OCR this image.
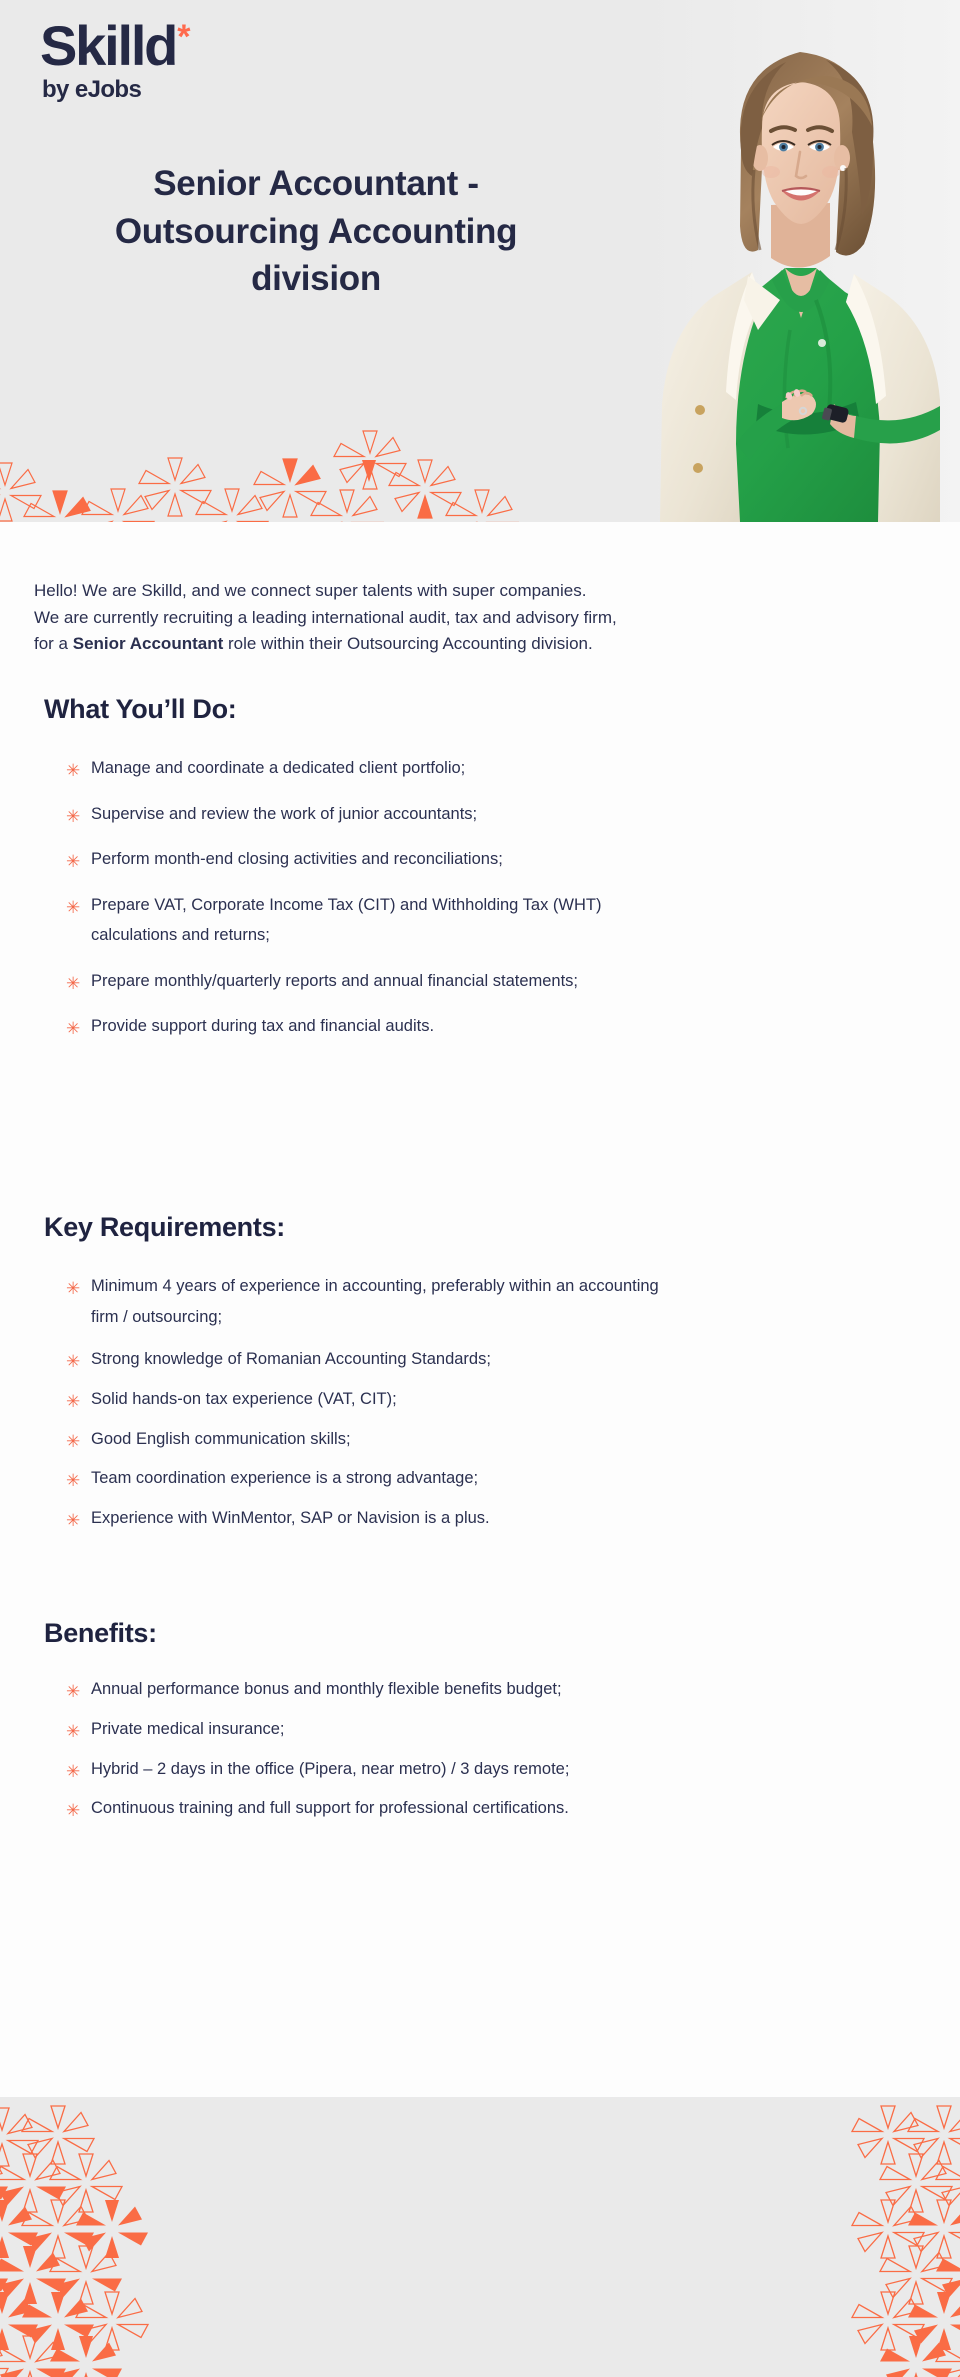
Skilld *
by eJobs
Senior Accountant -
Outsourcing Accounting
division
Hello! We are Skilld, and we connect super talents with super companies.
We are currently recruiting a leading international audit, tax and advisory firm,
for a Senior Accountant role within their Outsourcing Accounting division.
What You’ll Do:
✳ Manage and coordinate a dedicated client portfolio;
✳ Supervise and review the work of junior accountants;
✳ Perform month-end closing activities and reconciliations;
✳ Prepare VAT, Corporate Income Tax (CIT) and Withholding Tax (WHT) calculations and returns;
✳ Prepare monthly/quarterly reports and annual financial statements;
✳ Provide support during tax and financial audits.
Key Requirements:
✳ Minimum 4 years of experience in accounting, preferably within an accounting firm / outsourcing;
✳ Strong knowledge of Romanian Accounting Standards;
✳ Solid hands-on tax experience (VAT, CIT);
✳ Good English communication skills;
✳ Team coordination experience is a strong advantage;
✳ Experience with WinMentor, SAP or Navision is a plus.
Benefits:
✳ Annual performance bonus and monthly flexible benefits budget;
✳ Private medical insurance;
✳ Hybrid – 2 days in the office (Pipera, near metro) / 3 days remote;
✳ Continuous training and full support for professional certifications.
